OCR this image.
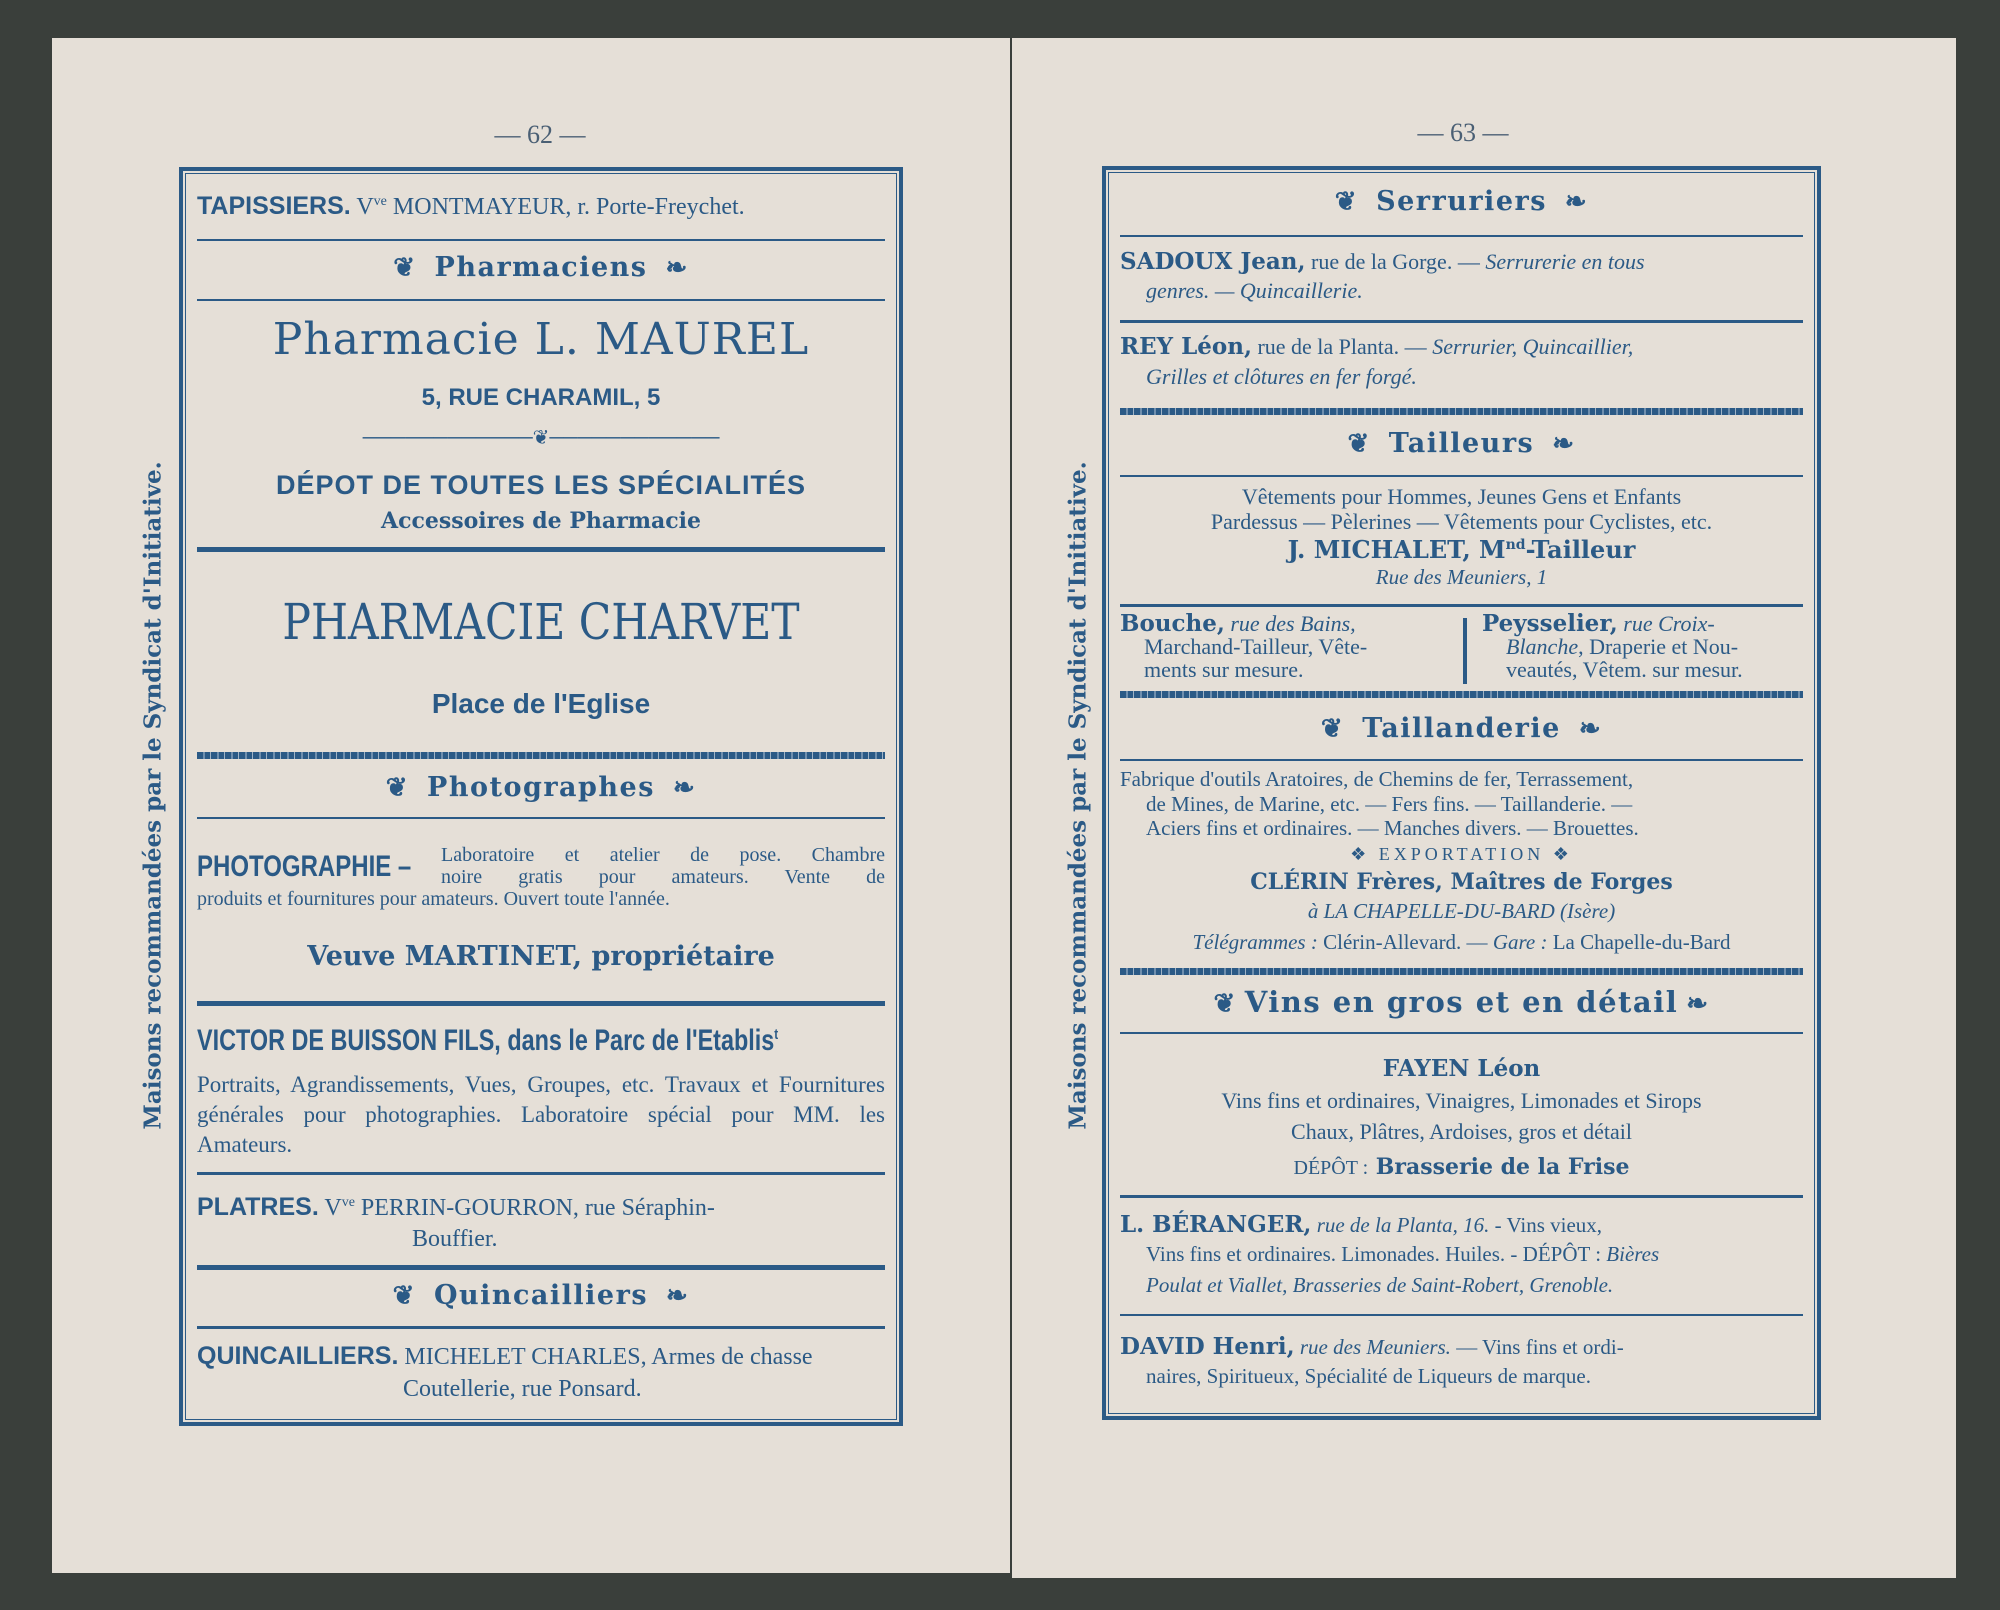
— 62 —
Maisons recommandées par le Syndicat d'Initiative.
TAPISSIERS. $V^{ve}$ MONTMAYEUR, r. Porte-Freychet.
❦ Pharmaciens ❧
Pharmacie L. MAUREL
5, RUE CHARAMIL, 5
────────────❦────────────
DÉPOT DE TOUTES LES SPÉCIALITÉS
Accessoires de Pharmacie
PHARMACIE CHARVET
Place de l'Eglise
❦ Photographes ❧
PHOTOGRAPHIE – Laboratoire et atelier de pose. Chambre
noire gratis pour amateurs. Vente de
produits et fournitures pour amateurs. Ouvert toute l'année.
Veuve MARTINET, propriétaire
VICTOR DE BUISSON FILS, dans le Parc de l'Etablis$^t$
Portraits, Agrandissements, Vues, Groupes, etc. Travaux et Fournitures générales pour photographies. Laboratoire spécial pour MM. les Amateurs.
PLATRES. $V^{ve}$ PERRIN-GOURRON, rue Séraphin-
Bouffier.
❦ Quincailliers ❧
QUINCAILLIERS. MICHELET CHARLES, Armes de chasse
Coutellerie, rue Ponsard.
— 63 —
Maisons recommandées par le Syndicat d'Initiative.
❦ Serruriers ❧
SADOUX Jean, rue de la Gorge. — Serrurerie en tous
genres. — Quincaillerie.
REY Léon, rue de la Planta. — Serrurier, Quincaillier,
Grilles et clôtures en fer forgé.
❦ Tailleurs ❧
Vêtements pour Hommes, Jeunes Gens et Enfants
Pardessus — Pèlerines — Vêtements pour Cyclistes, etc.
J. MICHALET, Mnd-Tailleur
Rue des Meuniers, 1
Bouche, rue des Bains,
Marchand-Tailleur, Vête-
ments sur mesure.
Peysselier, rue Croix-
Blanche, Draperie et Nou-
veautés, Vêtem. sur mesur.
❦ Taillanderie ❧
Fabrique d'outils Aratoires, de Chemins de fer, Terrassement,
de Mines, de Marine, etc. — Fers fins. — Taillanderie. —
Aciers fins et ordinaires. — Manches divers. — Brouettes.
❖ EXPORTATION ❖
CLÉRIN Frères, Maîtres de Forges
à LA CHAPELLE-DU-BARD (Isère)
Télégrammes : Clérin-Allevard. — Gare : La Chapelle-du-Bard
❦ Vins en gros et en détail ❧
FAYEN Léon
Vins fins et ordinaires, Vinaigres, Limonades et Sirops
Chaux, Plâtres, Ardoises, gros et détail
DÉPÔT : Brasserie de la Frise
L. BÉRANGER, rue de la Planta, 16. - Vins vieux,
Vins fins et ordinaires. Limonades. Huiles. - DÉPÔT : Bières
Poulat et Viallet, Brasseries de Saint-Robert, Grenoble.
DAVID Henri, rue des Meuniers. — Vins fins et ordi-
naires, Spiritueux, Spécialité de Liqueurs de marque.
